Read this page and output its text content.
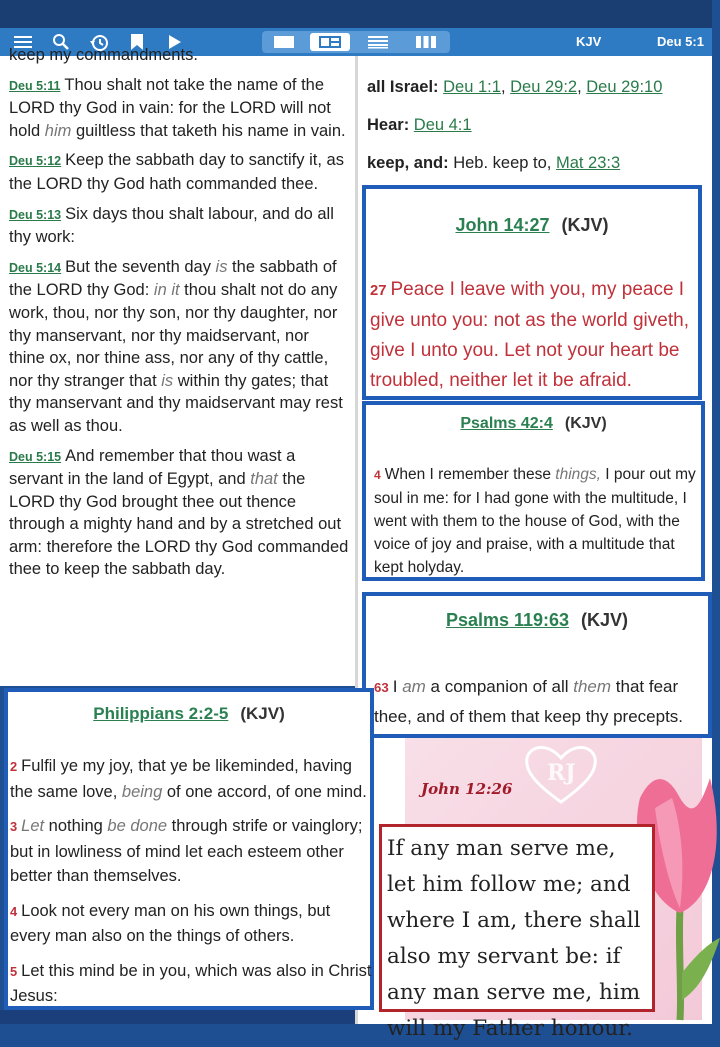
KJV	Deu 5:1
keep my commandments.
Deu 5:11 Thou shalt not take the name of the LORD thy God in vain: for the LORD will not hold him guiltless that taketh his name in vain.
Deu 5:12 Keep the sabbath day to sanctify it, as the LORD thy God hath commanded thee.
Deu 5:13 Six days thou shalt labour, and do all thy work:
Deu 5:14 But the seventh day is the sabbath of the LORD thy God: in it thou shalt not do any work, thou, nor thy son, nor thy daughter, nor thy manservant, nor thy maidservant, nor thine ox, nor thine ass, nor any of thy cattle, nor thy stranger that is within thy gates; that thy manservant and thy maidservant may rest as well as thou.
Deu 5:15 And remember that thou wast a servant in the land of Egypt, and that the LORD thy God brought thee out thence through a mighty hand and by a stretched out arm: therefore the LORD thy God commanded thee to keep the sabbath day.
all Israel: Deu 1:1, Deu 29:2, Deu 29:10
Hear: Deu 4:1
keep, and: Heb. keep to, Mat 23:3
John 14:27 (KJV)
27 Peace I leave with you, my peace I give unto you: not as the world giveth, give I unto you. Let not your heart be troubled, neither let it be afraid.
Psalms 42:4 (KJV)
4 When I remember these things, I pour out my soul in me: for I had gone with the multitude, I went with them to the house of God, with the voice of joy and praise, with a multitude that kept holyday.
Psalms 119:63 (KJV)
63 I am a companion of all them that fear thee, and of them that keep thy precepts.
Philippians 2:2-5 (KJV)
2 Fulfil ye my joy, that ye be likeminded, having the same love, being of one accord, of one mind.
3 Let nothing be done through strife or vainglory; but in lowliness of mind let each esteem other better than themselves.
4 Look not every man on his own things, but every man also on the things of others.
5 Let this mind be in you, which was also in Christ Jesus:
RJ
John 12:26
If any man serve me, let him follow me; and where I am, there shall also my servant be: if any man serve me, him will my Father honour.
